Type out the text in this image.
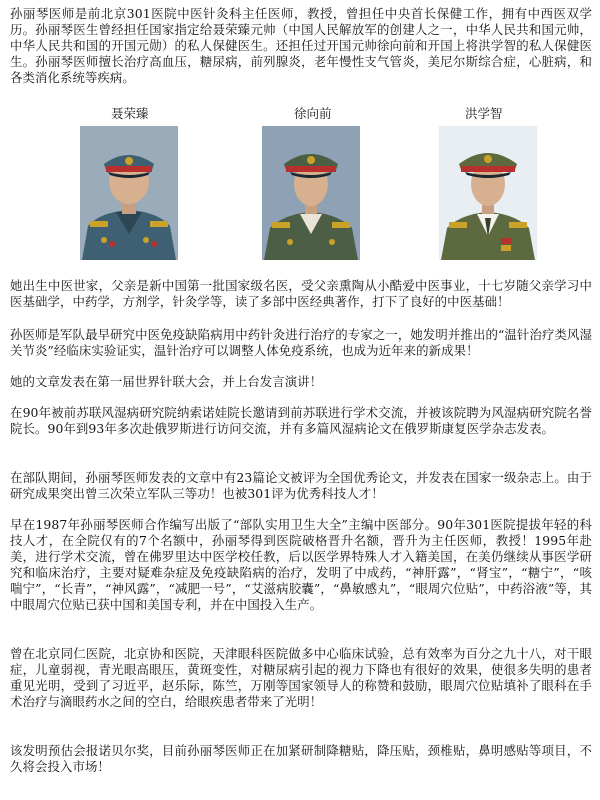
孙丽琴医师是前北京301医院中医针灸科主任医师，教授，曾担任中央首长保健工作，拥有中西医双学历。孙丽琴医生曾经担任国家指定给聂荣臻元帅（中国人民解放军的创建人之一，中华人民共和国元帅，中华人民共和国的开国元勋）的私人保健医生。还担任过开国元帅徐向前和开国上将洪学智的私人保健医生。孙丽琴医师擅长治疗高血压，糖尿病，前列腺炎，老年慢性支气管炎，美尼尔斯综合症，心脏病，和各类消化系统等疾病。

聂荣臻	徐向前	洪学智

她出生中医世家，父亲是新中国第一批国家级名医，受父亲熏陶从小酷爱中医事业，十七岁随父亲学习中医基础学，中药学，方剂学，针灸学等，读了多部中医经典著作，打下了良好的中医基础！

孙医师是军队最早研究中医免疫缺陷病用中药针灸进行治疗的专家之一，她发明并推出的“温针治疗类风湿关节炎”经临床实验证实，温针治疗可以调整人体免疫系统，也成为近年来的新成果！

她的文章发表在第一届世界针联大会，并上台发言演讲！

在90年被前苏联风湿病研究院纳索诺娃院长邀请到前苏联进行学术交流，并被该院聘为风湿病研究院名誉院长。90年到93年多次赴俄罗斯进行访问交流，并有多篇风湿病论文在俄罗斯康复医学杂志发表。

在部队期间，孙丽琴医师发表的文章中有23篇论文被评为全国优秀论文，并发表在国家一级杂志上。由于研究成果突出曾三次荣立军队三等功！也被301评为优秀科技人才！

早在1987年孙丽琴医师合作编写出版了“部队实用卫生大全”主编中医部分。90年301医院提拔年轻的科技人才，在全院仅有的7个名额中，孙丽琴得到医院破格晋升名额，晋升为主任医师，教授！1995年赴美，进行学术交流，曾在佛罗里达中医学校任教，后以医学界特殊人才入籍美国，在美仍继续从事医学研究和临床治疗，主要对疑难杂症及免疫缺陷病的治疗，发明了中成药，“神肝露”，“肾宝”，“糖宁”，“咳喘宁”，“长青”，“神风露”，“减肥一号”，“艾滋病胶囊”，“鼻敏感丸”，“眼周穴位贴”，中药浴液”等，其中眼周穴位贴已获中国和美国专利，并在中国投入生产。

曾在北京同仁医院，北京协和医院，天津眼科医院做多中心临床试验，总有效率为百分之九十八，对干眼症，儿童弱视，青光眼高眼压，黄斑变性，对糖尿病引起的视力下降也有很好的效果，使很多失明的患者重见光明，受到了习近平，赵乐际，陈竺，万刚等国家领导人的称赞和鼓励，眼周穴位贴填补了眼科在手术治疗与滴眼药水之间的空白，给眼疾患者带来了光明！

该发明预估会报诺贝尔奖，目前孙丽琴医师正在加紧研制降糖贴，降压贴，颈椎贴，鼻明感贴等项目，不久将会投入市场！
